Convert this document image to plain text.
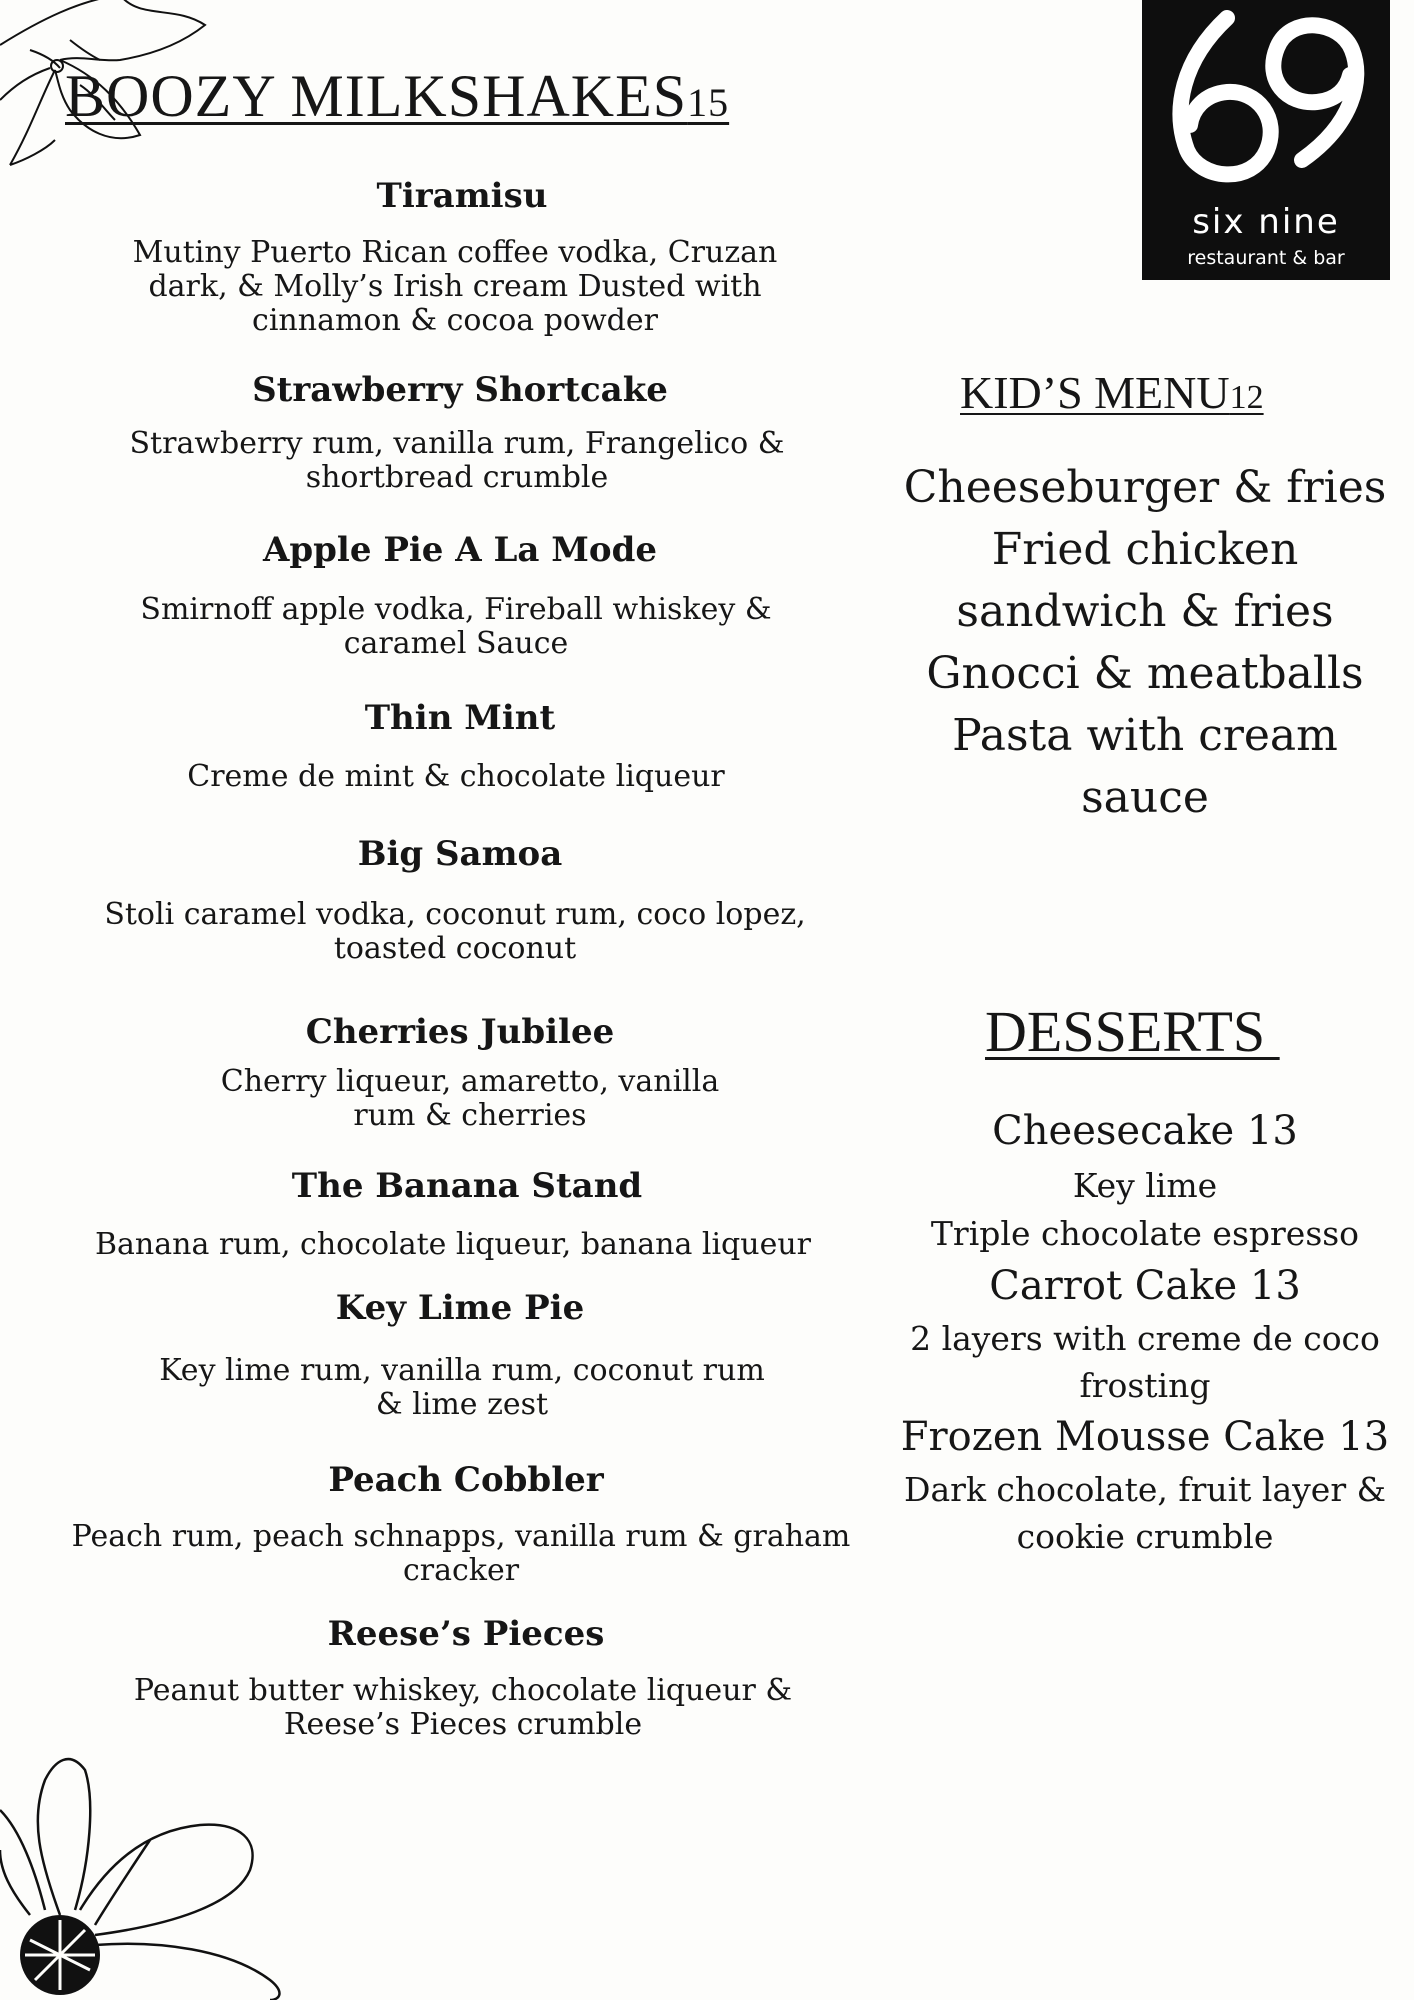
six nine
restaurant & bar
BOOZY MILKSHAKES15
Tiramisu
Mutiny Puerto Rican coffee vodka, Cruzan
dark, & Molly’s Irish cream Dusted with
cinnamon & cocoa powder
Strawberry Shortcake
Strawberry rum, vanilla rum, Frangelico &
shortbread crumble
Apple Pie A La Mode
Smirnoff apple vodka, Fireball whiskey &
caramel Sauce
Thin Mint
Creme de mint & chocolate liqueur
Big Samoa
Stoli caramel vodka, coconut rum, coco lopez,
toasted coconut
Cherries Jubilee
Cherry liqueur, amaretto, vanilla
rum & cherries
The Banana Stand
Banana rum, chocolate liqueur, banana liqueur
Key Lime Pie
Key lime rum, vanilla rum, coconut rum
& lime zest
Peach Cobbler
Peach rum, peach schnapps, vanilla rum & graham
cracker
Reese’s Pieces
Peanut butter whiskey, chocolate liqueur &
Reese’s Pieces crumble
KID’S MENU12
Cheeseburger & fries
Fried chicken
sandwich & fries
Gnocci & meatballs
Pasta with cream
sauce
DESSERTS
Cheesecake 13
Key lime
Triple chocolate espresso
Carrot Cake 13
2 layers with creme de coco
frosting
Frozen Mousse Cake 13
Dark chocolate, fruit layer &
cookie crumble
